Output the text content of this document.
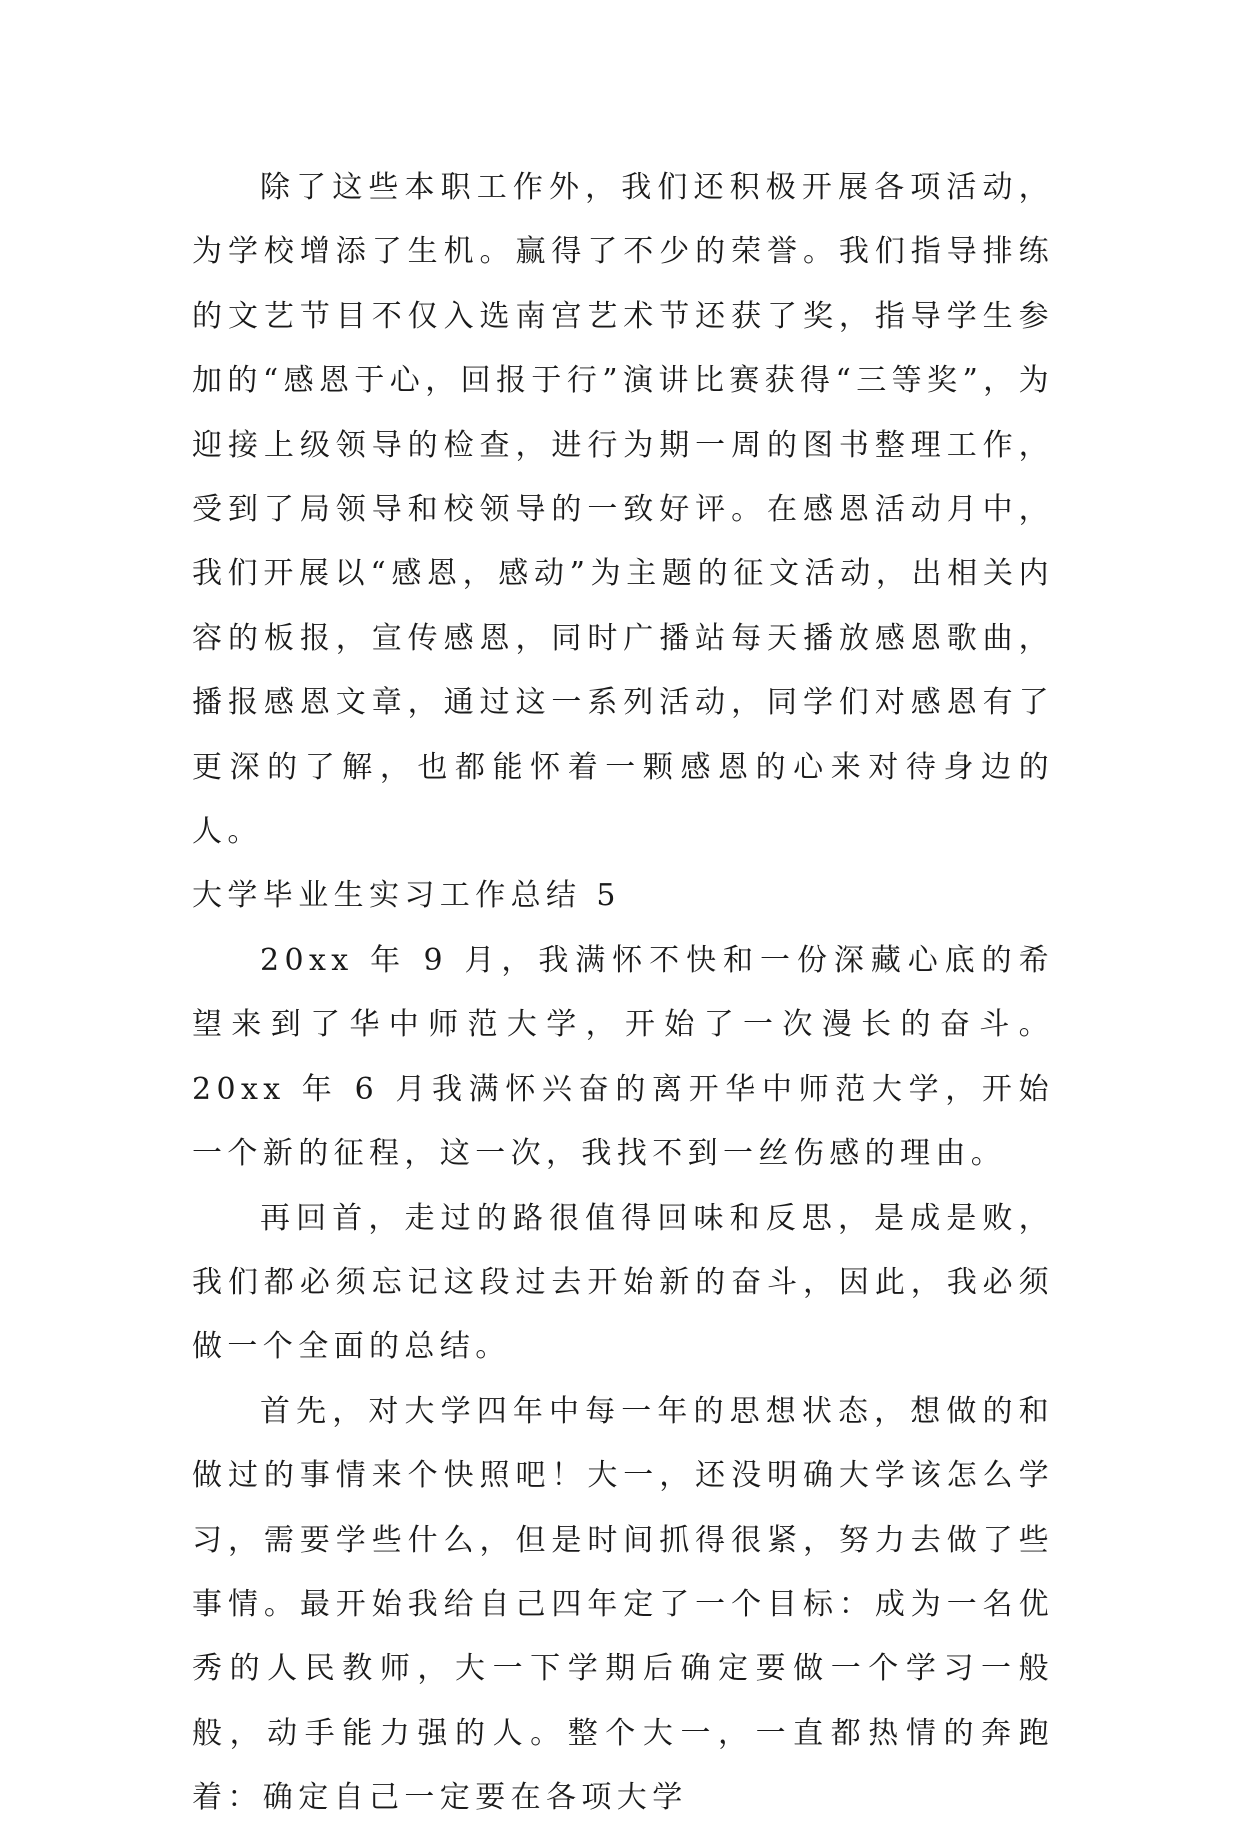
除了这些本职工作外，我们还积极开展各项活动，为学校增添了生机。赢得了不少的荣誉。我们指导排练的文艺节目不仅入选南宫艺术节还获了奖，指导学生参加的“感恩于心，回报于行”演讲比赛获得“三等奖”，为迎接上级领导的检查，进行为期一周的图书整理工作，受到了局领导和校领导的一致好评。在感恩活动月中，我们开展以“感恩，感动”为主题的征文活动，出相关内容的板报，宣传感恩，同时广播站每天播放感恩歌曲，播报感恩文章，通过这一系列活动，同学们对感恩有了更深的了解，也都能怀着一颗感恩的心来对待身边的人。

大学毕业生实习工作总结 5

20xx 年 9 月，我满怀不快和一份深藏心底的希望来到了华中师范大学，开始了一次漫长的奋斗。20xx 年 6 月我满怀兴奋的离开华中师范大学，开始一个新的征程，这一次，我找不到一丝伤感的理由。

再回首，走过的路很值得回味和反思，是成是败，我们都必须忘记这段过去开始新的奋斗，因此，我必须做一个全面的总结。

首先，对大学四年中每一年的思想状态，想做的和做过的事情来个快照吧！大一，还没明确大学该怎么学习，需要学些什么，但是时间抓得很紧，努力去做了些事情。最开始我给自己四年定了一个目标：成为一名优秀的人民教师，大一下学期后确定要做一个学习一般般，动手能力强的人。整个大一，一直都热情的奔跑着：确定自己一定要在各项大学
